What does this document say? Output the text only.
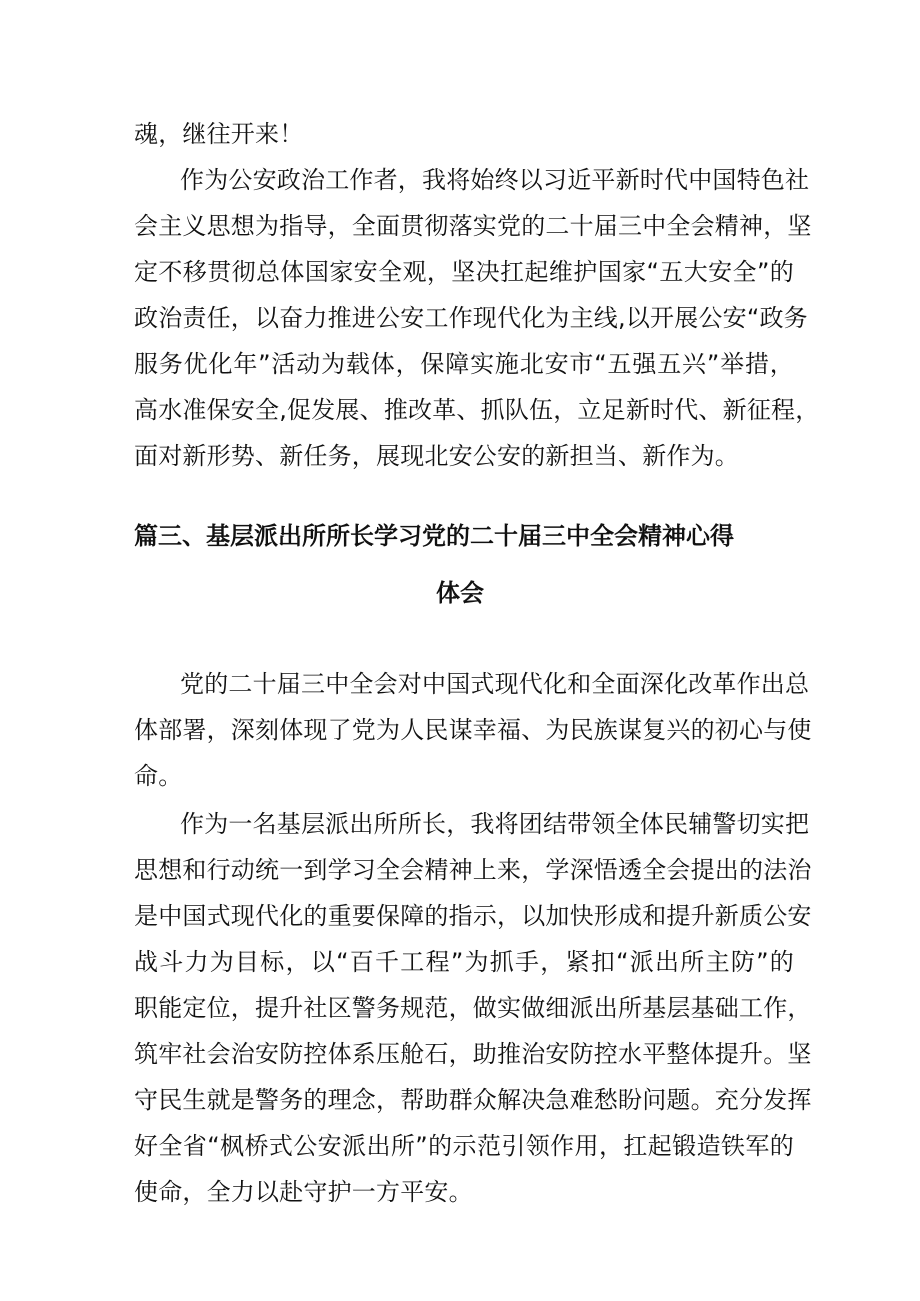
魂，继往开来！
作为公安政治工作者，我将始终以习近平新时代中国特色社
会主义思想为指导，全面贯彻落实党的二十届三中全会精神，坚
定不移贯彻总体国家安全观，坚决扛起维护国家“五大安全”的
政治责任，以奋力推进公安工作现代化为主线,以开展公安“政务
服务优化年”活动为载体，保障实施北安市“五强五兴”举措，
高水准保安全,促发展、推改革、抓队伍，立足新时代、新征程，
面对新形势、新任务，展现北安公安的新担当、新作为。
篇三、基层派出所所长学习党的二十届三中全会精神心得
体会
党的二十届三中全会对中国式现代化和全面深化改革作出总
体部署，深刻体现了党为人民谋幸福、为民族谋复兴的初心与使
命。
作为一名基层派出所所长，我将团结带领全体民辅警切实把
思想和行动统一到学习全会精神上来，学深悟透全会提出的法治
是中国式现代化的重要保障的指示，以加快形成和提升新质公安
战斗力为目标，以“百千工程”为抓手，紧扣“派出所主防”的
职能定位，提升社区警务规范，做实做细派出所基层基础工作，
筑牢社会治安防控体系压舱石，助推治安防控水平整体提升。坚
守民生就是警务的理念，帮助群众解决急难愁盼问题。充分发挥
好全省“枫桥式公安派出所”的示范引领作用，扛起锻造铁军的
使命，全力以赴守护一方平安。
